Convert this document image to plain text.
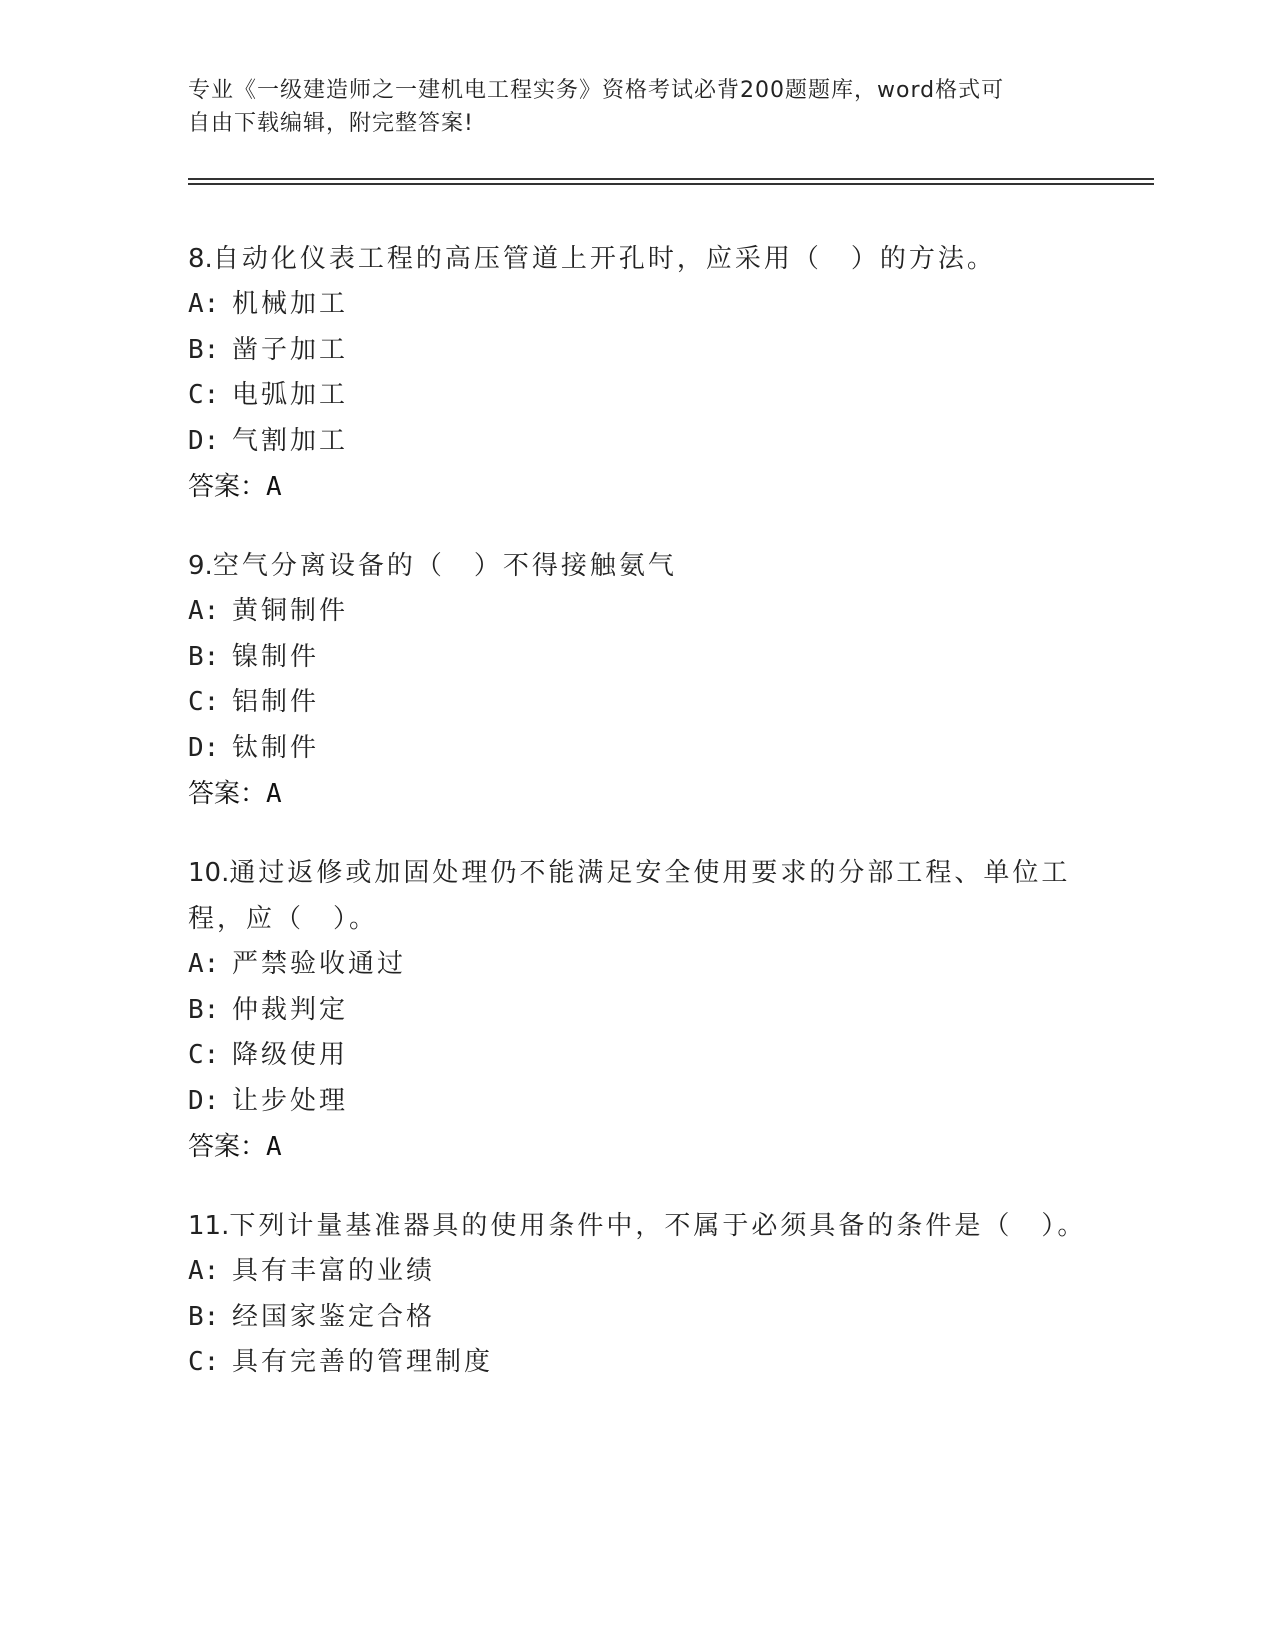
专业《一级建造师之一建机电工程实务》资格考试必背200题题库，word格式可
自由下载编辑，附完整答案!
8.自动化仪表工程的高压管道上开孔时，应采用（　）的方法。
A: 机械加工
B: 凿子加工
C: 电弧加工
D: 气割加工
答案：A
9.空气分离设备的（　）不得接触氨气
A: 黄铜制件
B: 镍制件
C: 铝制件
D: 钛制件
答案：A
10.通过返修或加固处理仍不能满足安全使用要求的分部工程、单位工程，应（　）。
A: 严禁验收通过
B: 仲裁判定
C: 降级使用
D: 让步处理
答案：A
11.下列计量基准器具的使用条件中，不属于必须具备的条件是（　）。
A: 具有丰富的业绩
B: 经国家鉴定合格
C: 具有完善的管理制度
